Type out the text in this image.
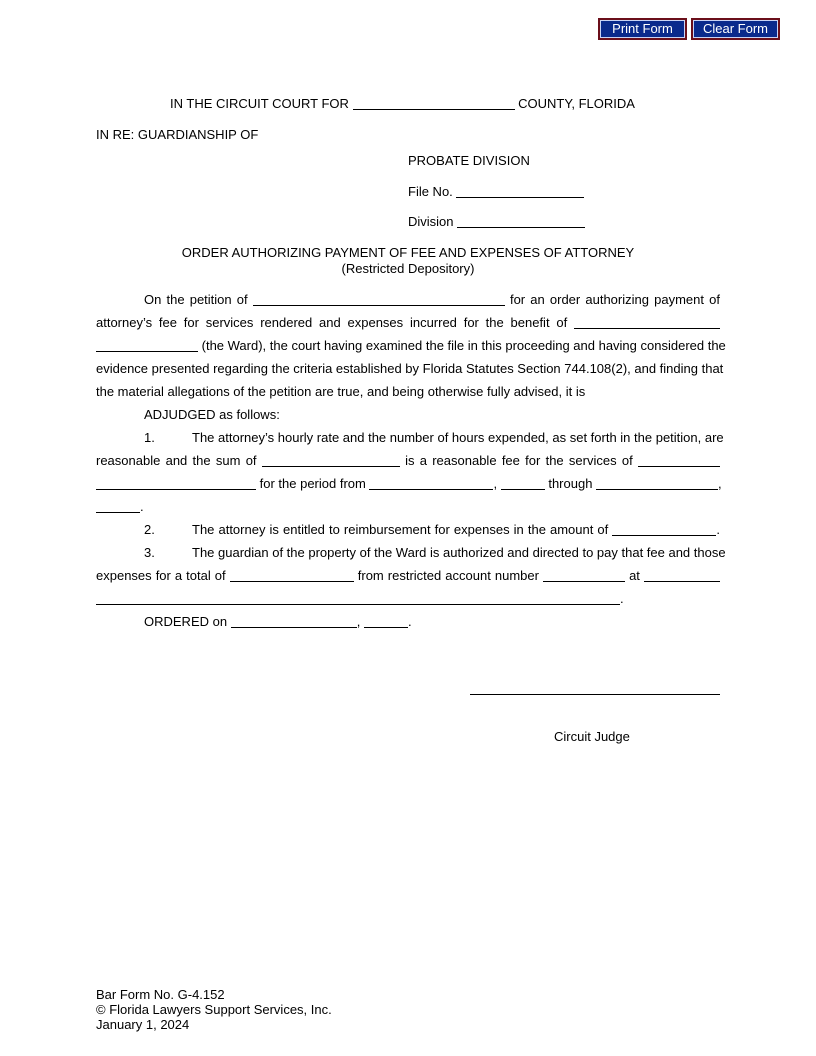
Print Form	Clear Form
IN THE CIRCUIT COURT FOR	COUNTY, FLORIDA
IN RE: GUARDIANSHIP OF
PROBATE DIVISION
File No.
Division
ORDER AUTHORIZING PAYMENT OF FEE AND EXPENSES OF ATTORNEY
(Restricted Depository)
On the petition of	for an order authorizing payment of
attorney’s fee for services rendered and expenses incurred for the benefit of
(the Ward), the court having examined the file in this proceeding and having considered the
evidence presented regarding the criteria established by Florida Statutes Section 744.108(2), and finding that
the material allegations of the petition are true, and being otherwise fully advised, it is
ADJUDGED as follows:
1.	The attorney’s hourly rate and the number of hours expended, as set forth in the petition, are
reasonable and the sum of	is a reasonable fee for the services of
for the period from	,	through	,
.
2.	The attorney is entitled to reimbursement for expenses in the amount of	.
3.	The guardian of the property of the Ward is authorized and directed to pay that fee and those
expenses for a total of	from restricted account number	at
.
ORDERED on	,	.
Circuit Judge
Bar Form No. G-4.152
© Florida Lawyers Support Services, Inc.
January 1, 2024
